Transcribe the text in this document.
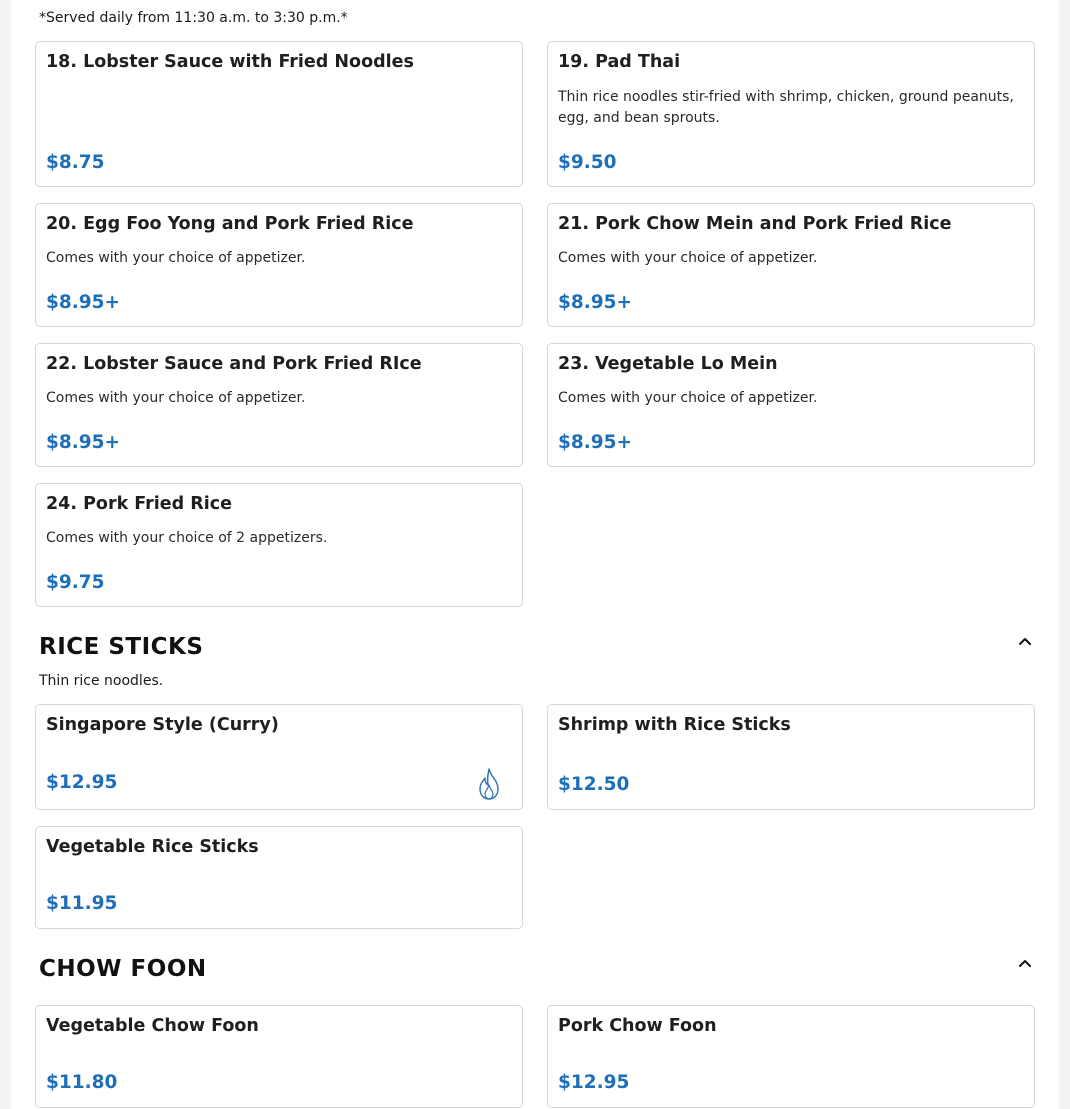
*Served daily from 11:30 a.m. to 3:30 p.m.*
18. Lobster Sauce with Fried Noodles
$8.75
19. Pad Thai
Thin rice noodles stir-fried with shrimp, chicken, ground peanuts, egg, and bean sprouts.
$9.50
20. Egg Foo Yong and Pork Fried Rice
Comes with your choice of appetizer.
$8.95+
21. Pork Chow Mein and Pork Fried Rice
Comes with your choice of appetizer.
$8.95+
22. Lobster Sauce and Pork Fried RIce
Comes with your choice of appetizer.
$8.95+
23. Vegetable Lo Mein
Comes with your choice of appetizer.
$8.95+
24. Pork Fried Rice
Comes with your choice of 2 appetizers.
$9.75
RICE STICKS
Thin rice noodles.
Singapore Style (Curry)
$12.95
Shrimp with Rice Sticks
$12.50
Vegetable Rice Sticks
$11.95
CHOW FOON
Vegetable Chow Foon
$11.80
Pork Chow Foon
$12.95
